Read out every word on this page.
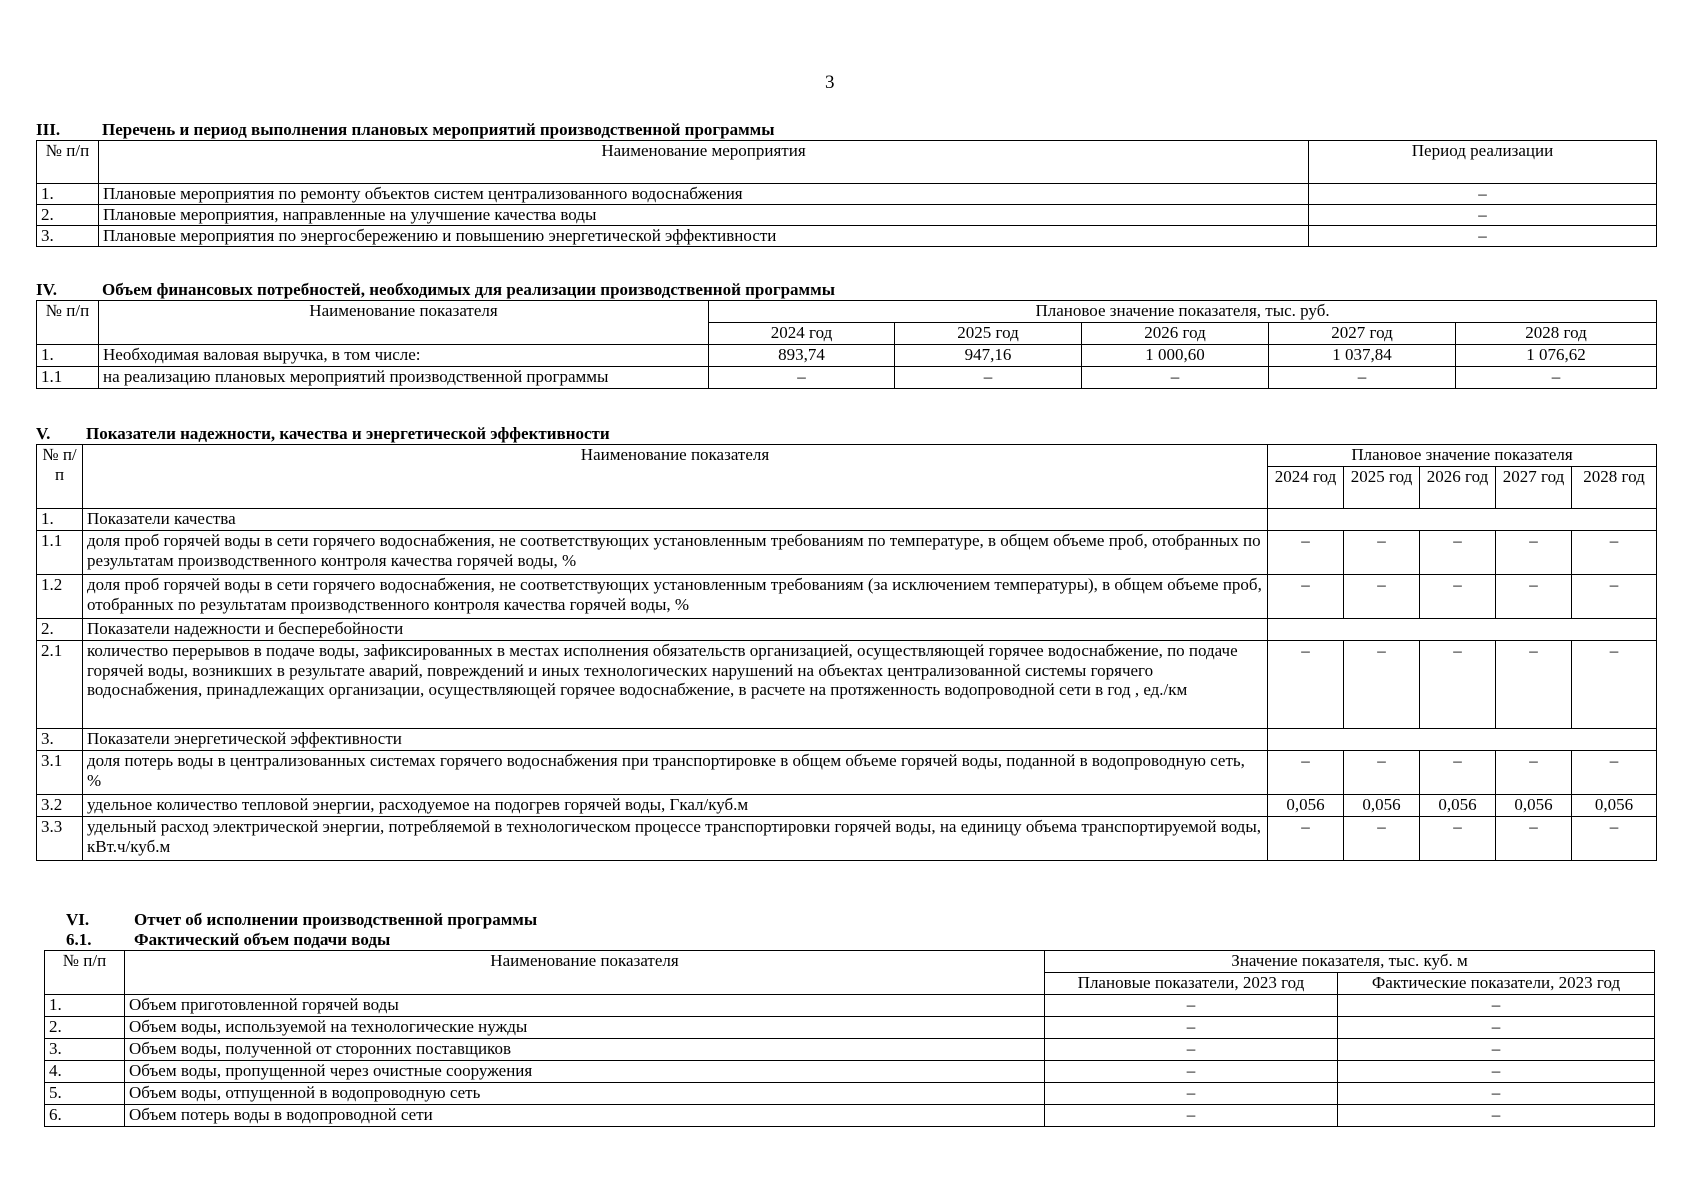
3
III. Перечень и период выполнения плановых мероприятий производственной программы
№ п/п	Наименование мероприятия	Период реализации
1.	Плановые мероприятия по ремонту объектов систем централизованного водоснабжения	–
2.	Плановые мероприятия, направленные на улучшение качества воды	–
3.	Плановые мероприятия по энергосбережению и повышению энергетической эффективности	–
IV.	Объем финансовых потребностей, необходимых для реализации производственной программы
№ п/п	Наименование показателя	Плановое значение показателя, тыс. руб.				
		2024 год	2025 год	2026 год	2027 год	2028 год
1.	Необходимая валовая выручка, в том числе:	893,74	947,16	1 000,60	1 037,84	1 076,62
1.1	на реализацию плановых мероприятий производственной программы	–	–	–	–	–
V. Показатели надежности, качества и энергетической эффективности
№ п/п	Наименование показателя	Плановое значение показателя				
		2024 год	2025 год	2026 год	2027 год	2028 год
1.	Показатели качества					
1.1	доля проб горячей воды в сети горячего водоснабжения, не соответствующих установленным требованиям по температуре, в общем объеме проб, отобранных по результатам производственного контроля качества горячей воды, %	–	–	–	–	–
1.2	доля проб горячей воды в сети горячего водоснабжения, не соответствующих установленным требованиям (за исключением температуры), в общем объеме проб, отобранных по результатам производственного контроля качества горячей воды, %	–	–	–	–	–
2.	Показатели надежности и бесперебойности					
2.1	количество перерывов в подаче воды, зафиксированных в местах исполнения обязательств организацией, осуществляющей горячее водоснабжение, по подаче горячей воды, возникших в результате аварий, повреждений и иных технологических нарушений на объектах централизованной системы горячего водоснабжения, принадлежащих организации, осуществляющей горячее водоснабжение, в расчете на протяженность водопроводной сети в год , ед./км	–	–	–	–	–
3.	Показатели энергетической эффективности					
3.1	доля потерь воды в централизованных системах горячего водоснабжения при транспортировке в общем объеме горячей воды, поданной в водопроводную сеть, %	–	–	–	–	–
3.2	удельное количество тепловой энергии, расходуемое на подогрев горячей воды, Гкал/куб.м	0,056	0,056	0,056	0,056	0,056
3.3	удельный расход электрической энергии, потребляемой в технологическом процессе транспортировки горячей воды, на единицу объема транспортируемой воды, кВт.ч/куб.м	–	–	–	–	–
VI.	Отчет об исполнении производственной программы
6.1.	Фактический объем подачи воды
№ п/п	Наименование показателя	Значение показателя, тыс. куб. м	
		Плановые показатели, 2023 год	Фактические показатели, 2023 год
1.	Объем приготовленной горячей воды	–	–
2.	Объем воды, используемой на технологические нужды	–	–
3.	Объем воды, полученной от сторонних поставщиков	–	–
4.	Объем воды, пропущенной через очистные сооружения	–	–
5.	Объем воды, отпущенной в водопроводную сеть	–	–
6.	Объем потерь воды в водопроводной сети	–	–
